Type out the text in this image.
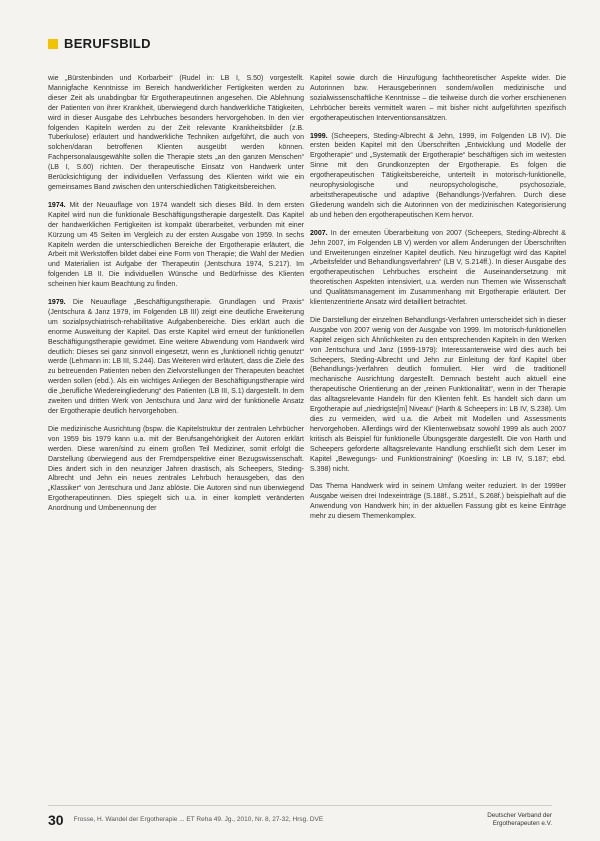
BERUFSBILD

wie „Bürstenbinden und Korbarbeit“ (Rudel in: LB I, S.50) vorgestellt. Mannigfache Kenntnisse im Bereich handwerklicher Fertigkeiten werden zu dieser Zeit als unabdingbar für Ergotherapeutinnen angesehen. Die Ablehnung der Patienten von ihrer Krankheit, überwiegend durch handwerkliche Tätigkeiten, wird in dieser Ausgabe des Lehrbuches besonders hervorgehoben. In den vier folgenden Kapiteln werden zu der Zeit relevante Krankheitsbilder (z.B. Tuberkulose) erläutert und handwerkliche Techniken aufgeführt, die auch von solchen/daran betroffenen Klienten ausgeübt werden können. Fachpersonalausgewählte sollen die Therapie stets „an den ganzen Menschen“ (LB I, S.60) richten. Der therapeutische Einsatz von Handwerk unter Berücksichtigung der individuellen Verfassung des Klienten wirkt wie ein gemeinsames Band zwischen den unterschiedlichen Tätigkeitsbereichen.

1974. Mit der Neuauflage von 1974 wandelt sich dieses Bild. In dem ersten Kapitel wird nun die funktionale Beschäftigungstherapie dargestellt. Das Kapitel der handwerklichen Fertigkeiten ist kompakt überarbeitet, verbunden mit einer Kürzung um 45 Seiten im Vergleich zu der ersten Ausgabe von 1959. In sechs Kapiteln werden die unterschiedlichen Bereiche der Ergotherapie erläutert, die Arbeit mit Werkstoffen bildet dabei eine Form von Therapie; die Wahl der Medien und Materialien ist Aufgabe der Therapeutin (Jentschura 1974, S.217). Im folgenden LB II. Die individuellen Wünsche und Bedürfnisse des Klienten scheinen hier kaum Beachtung zu finden.

1979. Die Neuauflage „Beschäftigungstherapie. Grundlagen und Praxis“ (Jentschura & Janz 1979, im Folgenden LB III) zeigt eine deutliche Erweiterung um sozialpsychiatrisch-rehabilitative Aufgabenbereiche. Dies erklärt auch die enorme Ausweitung der Kapitel. Das erste Kapitel wird erneut der funktionellen Beschäftigungstherapie gewidmet. Eine weitere Abwendung vom Handwerk wird deutlich: Dieses sei ganz sinnvoll eingesetzt, wenn es „funktionell richtig genutzt“ werde (Lehmann in: LB III, S.244). Das Weiteren wird erläutert, dass die Ziele des zu betreuenden Patienten neben den Zielvorstellungen der Therapeuten beachtet werden sollen (ebd.). Als ein wichtiges Anliegen der Beschäftigungstherapie wird die „berufliche Wiedereingliederung“ des Patienten (LB III, S.1) dargestellt. In dem zweiten und dritten Werk von Jentschura und Janz wird der funktionelle Ansatz der Ergotherapie deutlich hervorgehoben.

Die medizinische Ausrichtung (bspw. die Kapitelstruktur der zentralen Lehrbücher von 1959 bis 1979 kann u.a. mit der Berufsangehörigkeit der Autoren erklärt werden. Diese waren/sind zu einem großen Teil Mediziner, somit erfolgt die Darstellung überwiegend aus der Fremdperspektive einer Bezugswissenschaft. Dies ändert sich in den neunziger Jahren drastisch, als Scheepers, Steding-Albrecht und Jehn ein neues zentrales Lehrbuch herausgeben, das den „Klassiker“ von Jentschura und Janz ablöste. Die Autoren sind nun überwiegend Ergotherapeutinnen. Dies spiegelt sich u.a. in einer komplett veränderten Anordnung und Umbenennung der

Kapitel sowie durch die Hinzufügung fachtheoretischer Aspekte wider. Die Autorinnen bzw. Herausgeberinnen sondern/wollen medizinische und sozialwissenschaftliche Kenntnisse – die teilweise durch die vorher erschienenen Lehrbücher bereits vermittelt waren – mit bisher nicht aufgeführten spezifisch ergotherapeutischen Interventionsansätzen.

1999. (Scheepers, Steding-Albrecht & Jehn, 1999, im Folgenden LB IV). Die ersten beiden Kapitel mit den Überschriften „Entwicklung und Modelle der Ergotherapie“ und „Systematik der Ergotherapie“ beschäftigen sich im weitesten Sinne mit den Grundkonzepten der Ergotherapie. Es folgen die ergotherapeutischen Tätigkeitsbereiche, unterteilt in motorisch-funktionelle, neurophysiologische und neuropsychologische, psychosoziale, arbeitstherapeutische und adaptive (Behandlungs-)Verfahren. Durch diese Gliederung wandeln sich die Autorinnen von der medizinischen Kategorisierung ab und heben den ergotherapeutischen Kern hervor.

2007. In der erneuten Überarbeitung von 2007 (Scheepers, Steding-Albrecht & Jehn 2007, im Folgenden LB V) werden vor allem Änderungen der Überschriften und Erweiterungen einzelner Kapitel deutlich. Neu hinzugefügt wird das Kapitel „Arbeitsfelder und Behandlungsverfahren“ (LB V, S.214ff.). In dieser Ausgabe des ergotherapeutischen Lehrbuches erscheint die Auseinandersetzung mit theoretischen Aspekten intensiviert, u.a. werden nun Themen wie Wissenschaft und Qualitätsmanagement im Zusammenhang mit Ergotherapie erläutert. Der klientenzentrierte Ansatz wird detailliert betrachtet.

Die Darstellung der einzelnen Behandlungs-Verfahren unterscheidet sich in dieser Ausgabe von 2007 wenig von der Ausgabe von 1999. Im motorisch-funktionellen Kapitel zeigen sich Ähnlichkeiten zu den entsprechenden Kapiteln in den Werken von Jentschura und Janz (1959-1979): Interessanterweise wird dies auch bei Scheepers, Steding-Albrecht und Jehn zur Einleitung der fünf Kapitel über (Behandlungs-)verfahren deutlich formuliert. Hier wird die traditionell mechanische Ausrichtung dargestellt. Demnach besteht auch aktuell eine therapeutische Orientierung an der „reinen Funktionalität“, wenn in der Therapie das alltagsrelevante Handeln für den Klienten fehlt. Es handelt sich dann um Ergotherapie auf „niedrigste[m] Niveau“ (Harth & Scheepers in: LB IV, S.238). Um dies zu vermeiden, wird u.a. die Arbeit mit Modellen und Assessments hervorgehoben. Allerdings wird der Klientenwebsatz sowohl 1999 als auch 2007 kritisch als Beispiel für funktionelle Übungsgeräte dargestellt. Die von Harth und Scheepers geforderte alltagsrelevante Handlung erschließt sich dem Leser im Kapitel „Bewegungs- und Funktionstraining“ (Koesling in: LB IV, S.187; ebd. S.398) nicht.

Das Thema Handwerk wird in seinem Umfang weiter reduziert. In der 1999er Ausgabe weisen drei Indexeinträge (S.188f., S.251f., S.268f.) beispielhaft auf die Anwendung von Handwerk hin; in der aktuellen Fassung gibt es keine Einträge mehr zu diesem Themenkomplex.

30 Frosse, H. Wandel der Ergotherapie ... ET Reha 49. Jg., 2010, Nr. 8, 27-32, Hrsg. DVE
Deutscher Verband der
Ergotherapeuten e.V.
